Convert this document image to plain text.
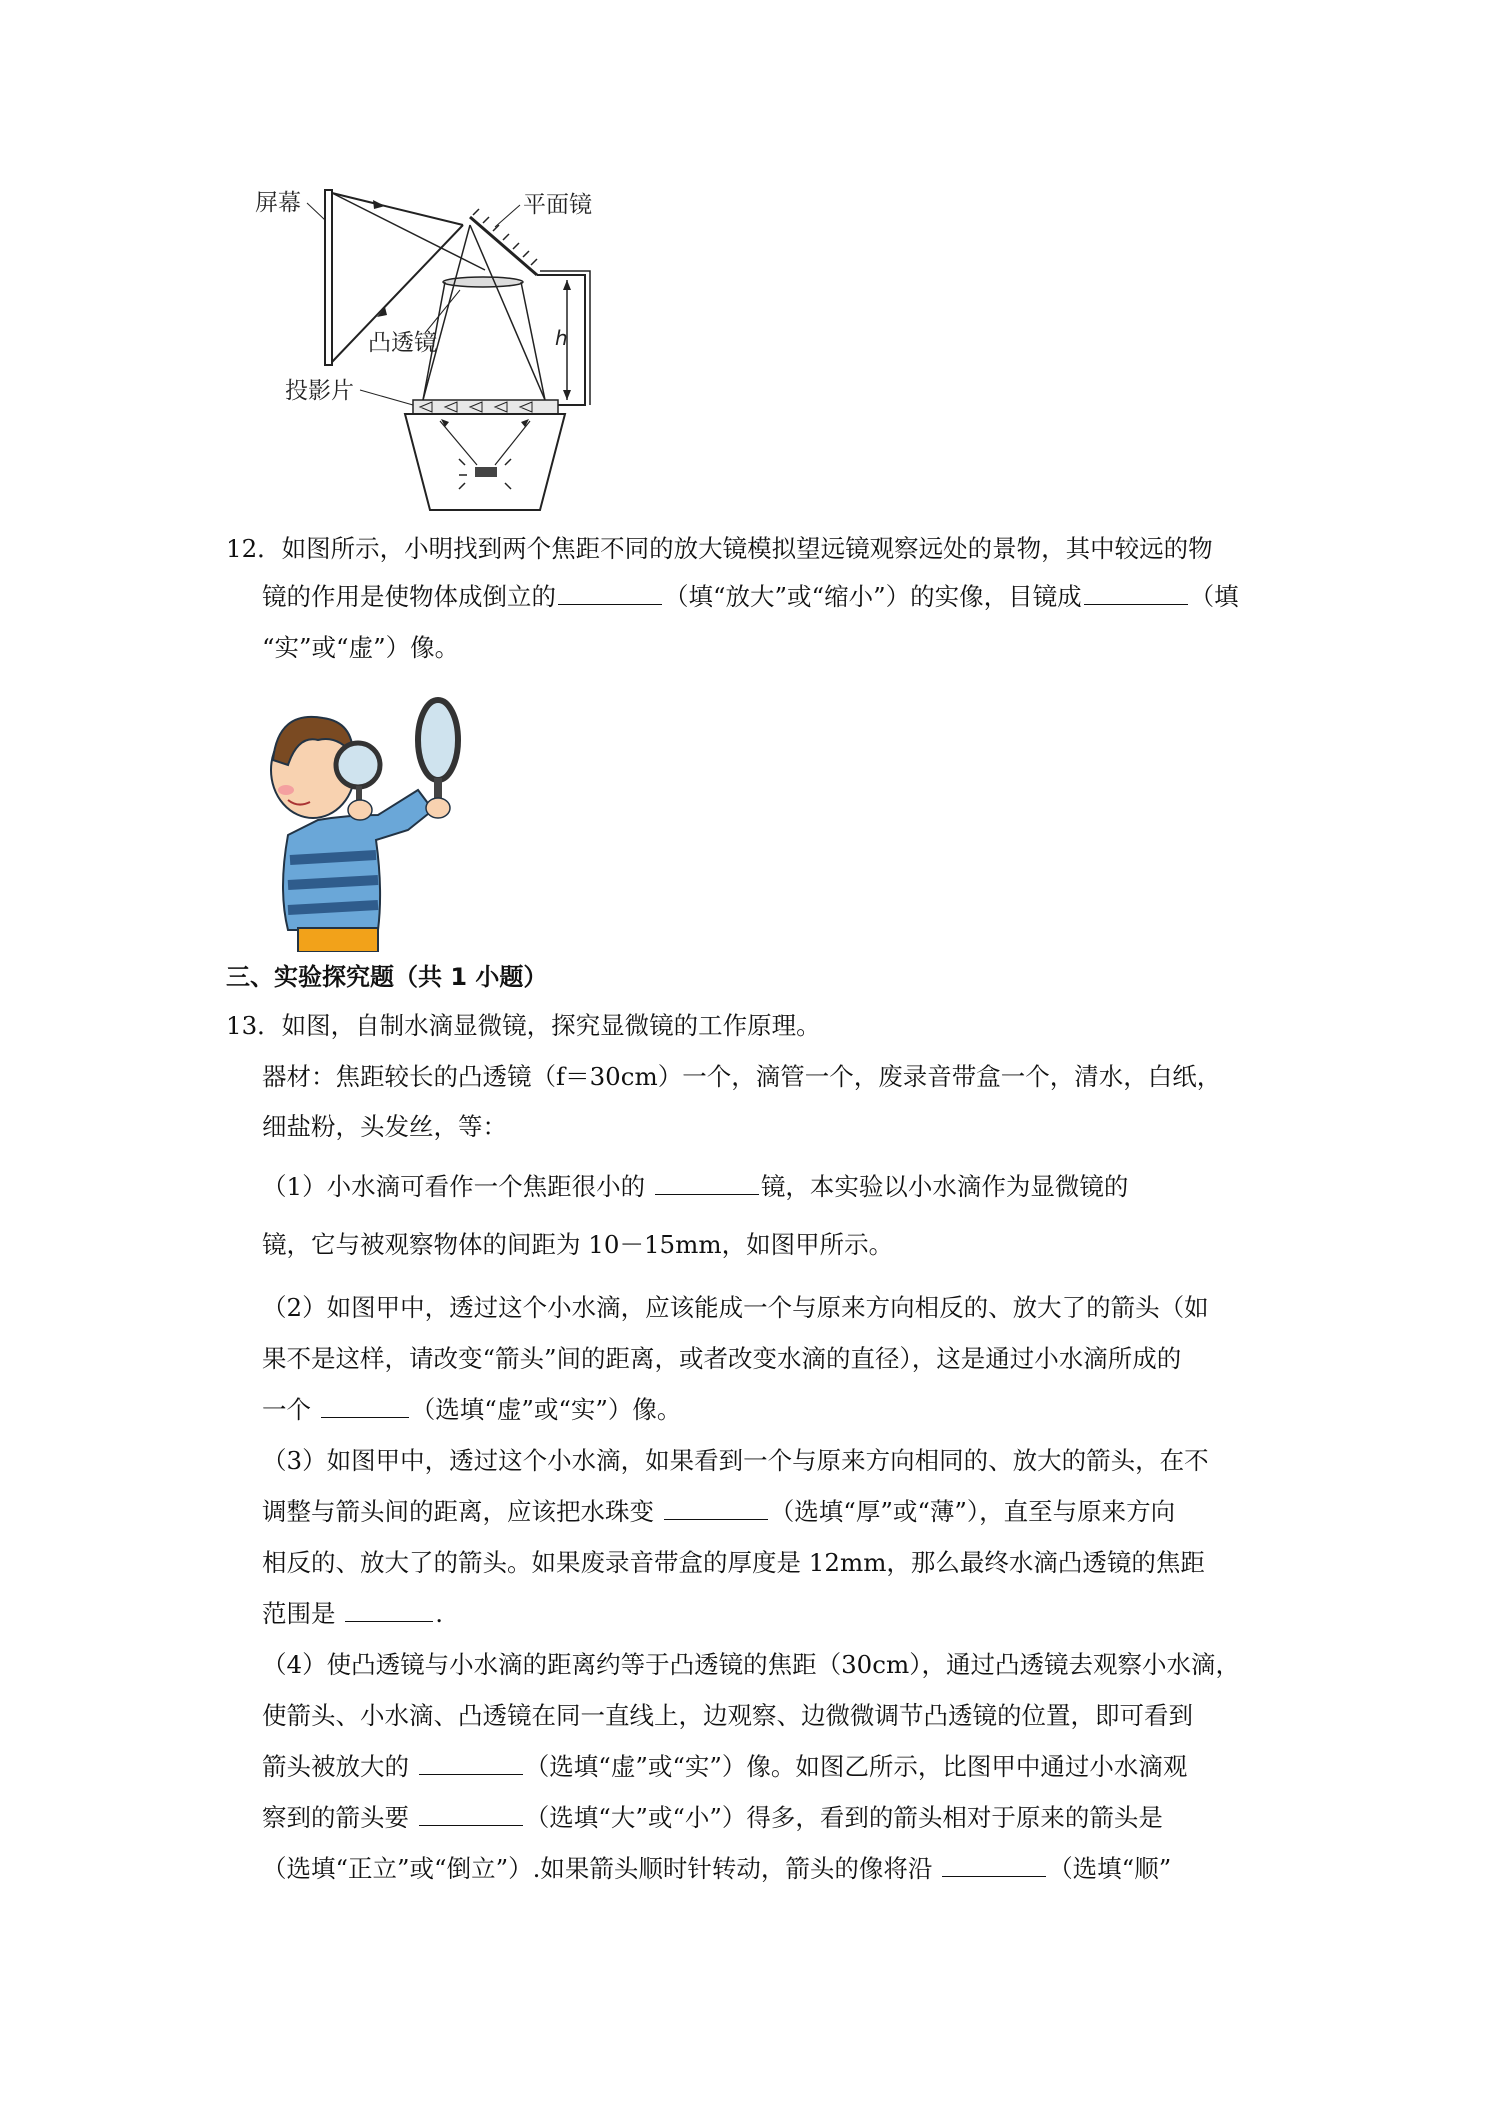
h
屏幕	平面镜
凸透镜
投影片
12．如图所示，小明找到两个焦距不同的放大镜模拟望远镜观察远处的景物，其中较远的物
镜的作用是使物体成倒立的	（填“放大”或“缩小”）的实像，目镜成	（填
“实”或“虚”）像。
三、实验探究题（共 1 小题）
13．如图，自制水滴显微镜，探究显微镜的工作原理。
器材：焦距较长的凸透镜（f＝30cm）一个，滴管一个，废录音带盒一个，清水，白纸，
细盐粉，头发丝，等：
（1）小水滴可看作一个焦距很小的	镜，本实验以小水滴作为显微镜的
镜，它与被观察物体的间距为 10－15mm，如图甲所示。
（2）如图甲中，透过这个小水滴，应该能成一个与原来方向相反的、放大了的箭头（如
果不是这样，请改变“箭头”间的距离，或者改变水滴的直径），这是通过小水滴所成的
一个	（选填“虚”或“实”）像。
（3）如图甲中，透过这个小水滴，如果看到一个与原来方向相同的、放大的箭头，在不
调整与箭头间的距离，应该把水珠变	（选填“厚”或“薄”），直至与原来方向
相反的、放大了的箭头。如果废录音带盒的厚度是 12mm，那么最终水滴凸透镜的焦距
范围是	.
（4）使凸透镜与小水滴的距离约等于凸透镜的焦距（30cm），通过凸透镜去观察小水滴，
使箭头、小水滴、凸透镜在同一直线上，边观察、边微微调节凸透镜的位置，即可看到
箭头被放大的	（选填“虚”或“实”）像。如图乙所示，比图甲中通过小水滴观
察到的箭头要	（选填“大”或“小”）得多，看到的箭头相对于原来的箭头是
（选填“正立”或“倒立”）.如果箭头顺时针转动，箭头的像将沿	（选填“顺”
